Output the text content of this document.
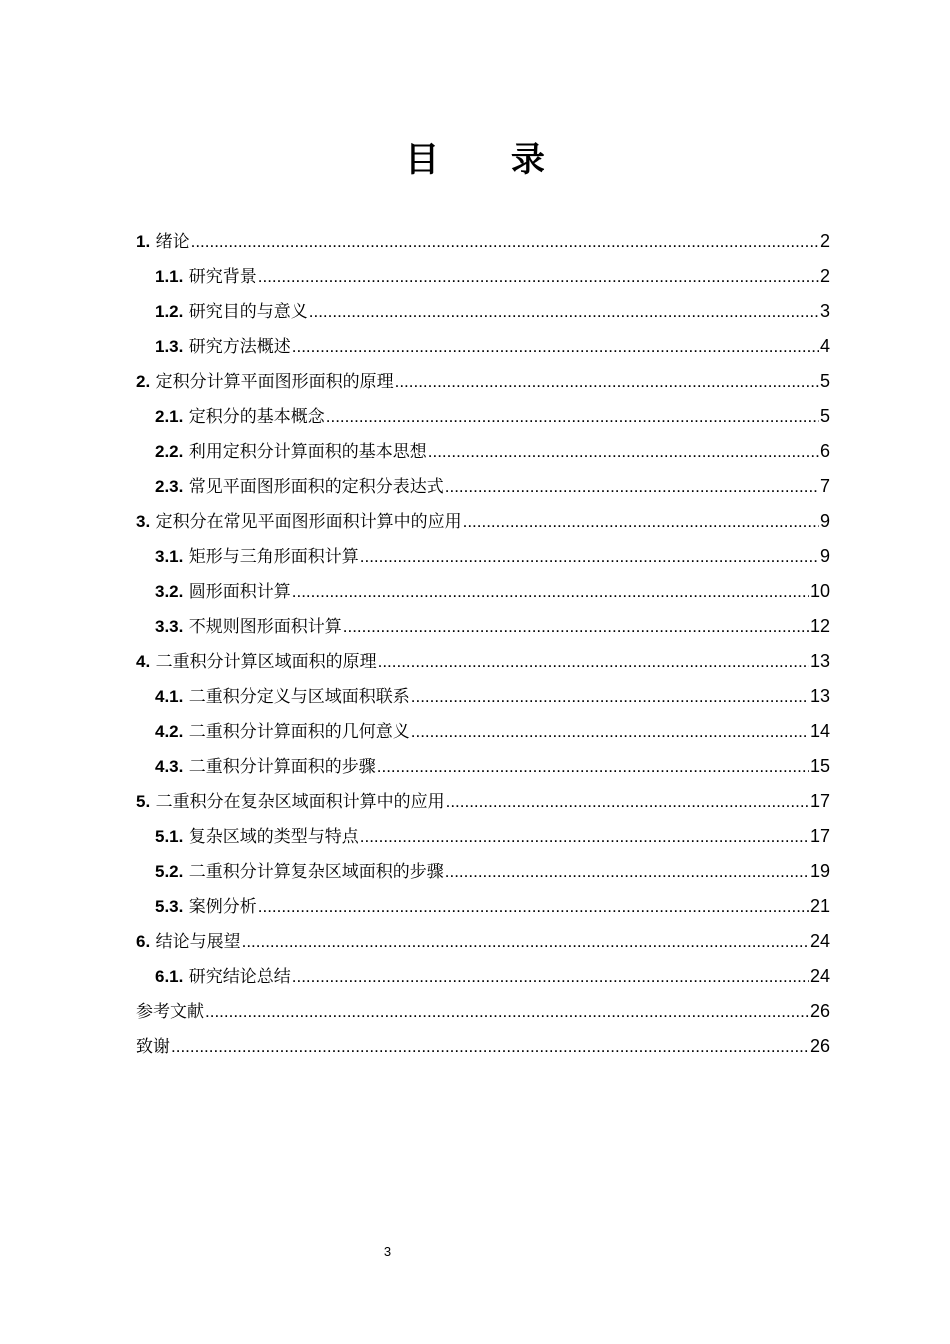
目 录
1. 绪论 .....	2
1.1. 研究背景 .....	2
1.2. 研究目的与意义 .....	3
1.3. 研究方法概述 .....	4
2. 定积分计算平面图形面积的原理 .....	5
2.1. 定积分的基本概念 .....	5
2.2. 利用定积分计算面积的基本思想 .....	6
2.3. 常见平面图形面积的定积分表达式 .....	7
3. 定积分在常见平面图形面积计算中的应用 .....	9
3.1. 矩形与三角形面积计算 .....	9
3.2. 圆形面积计算 .....	10
3.3. 不规则图形面积计算 .....	12
4. 二重积分计算区域面积的原理 .....	13
4.1. 二重积分定义与区域面积联系 .....	13
4.2. 二重积分计算面积的几何意义 .....	14
4.3. 二重积分计算面积的步骤 .....	15
5. 二重积分在复杂区域面积计算中的应用 .....	17
5.1. 复杂区域的类型与特点 .....	17
5.2. 二重积分计算复杂区域面积的步骤 .....	19
5.3. 案例分析 .....	21
6. 结论与展望 .....	24
6.1. 研究结论总结 .....	24
参考文献 .....	26
致谢 .....	26
3
